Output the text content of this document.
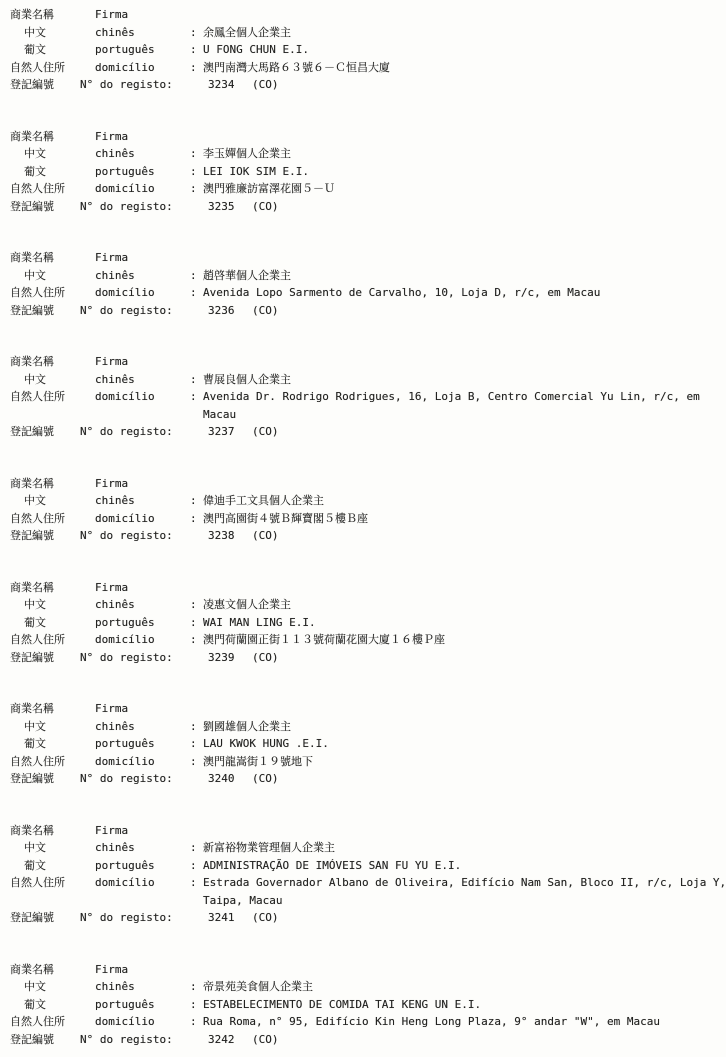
商業名稱	Firma
中文	chinês	: 余鳳全個人企業主
葡文	português	: U FONG CHUN E.I.
自然人住所	domicílio	: 澳門南灣大馬路６３號６－Ｃ恒昌大廈
登記編號	N° do registo:	3234	(CO)
商業名稱	Firma
中文	chinês	: 李玉嬋個人企業主
葡文	português	: LEI IOK SIM E.I.
自然人住所	domicílio	: 澳門雅廉訪富澤花園５－Ｕ
登記編號	N° do registo:	3235	(CO)
商業名稱	Firma
中文	chinês	: 趙啓華個人企業主
自然人住所	domicílio	: Avenida Lopo Sarmento de Carvalho, 10, Loja D, r/c, em Macau
登記編號	N° do registo:	3236	(CO)
商業名稱	Firma
中文	chinês	: 曹展良個人企業主
自然人住所	domicílio	: Avenida Dr. Rodrigo Rodrigues, 16, Loja B, Centro Comercial Yu Lin, r/c, em
Macau
登記編號	N° do registo:	3237	(CO)
商業名稱	Firma
中文	chinês	: 偉迪手工文具個人企業主
自然人住所	domicílio	: 澳門高園街４號Ｂ輝寶閣５樓Ｂ座
登記編號	N° do registo:	3238	(CO)
商業名稱	Firma
中文	chinês	: 凌惠文個人企業主
葡文	português	: WAI MAN LING E.I.
自然人住所	domicílio	: 澳門荷蘭園正街１１３號荷蘭花園大廈１６樓Ｐ座
登記編號	N° do registo:	3239	(CO)
商業名稱	Firma
中文	chinês	: 劉國雄個人企業主
葡文	português	: LAU KWOK HUNG .E.I.
自然人住所	domicílio	: 澳門龍嵩街１９號地下
登記編號	N° do registo:	3240	(CO)
商業名稱	Firma
中文	chinês	: 新富裕物業管理個人企業主
葡文	português	: ADMINISTRAÇÃO DE IMÓVEIS SAN FU YU E.I.
自然人住所	domicílio	: Estrada Governador Albano de Oliveira, Edifício Nam San, Bloco II, r/c, Loja Y,
Taipa, Macau
登記編號	N° do registo:	3241	(CO)
商業名稱	Firma
中文	chinês	: 帝景苑美食個人企業主
葡文	português	: ESTABELECIMENTO DE COMIDA TAI KENG UN E.I.
自然人住所	domicílio	: Rua Roma, n° 95, Edifício Kin Heng Long Plaza, 9° andar "W", em Macau
登記編號	N° do registo:	3242	(CO)
